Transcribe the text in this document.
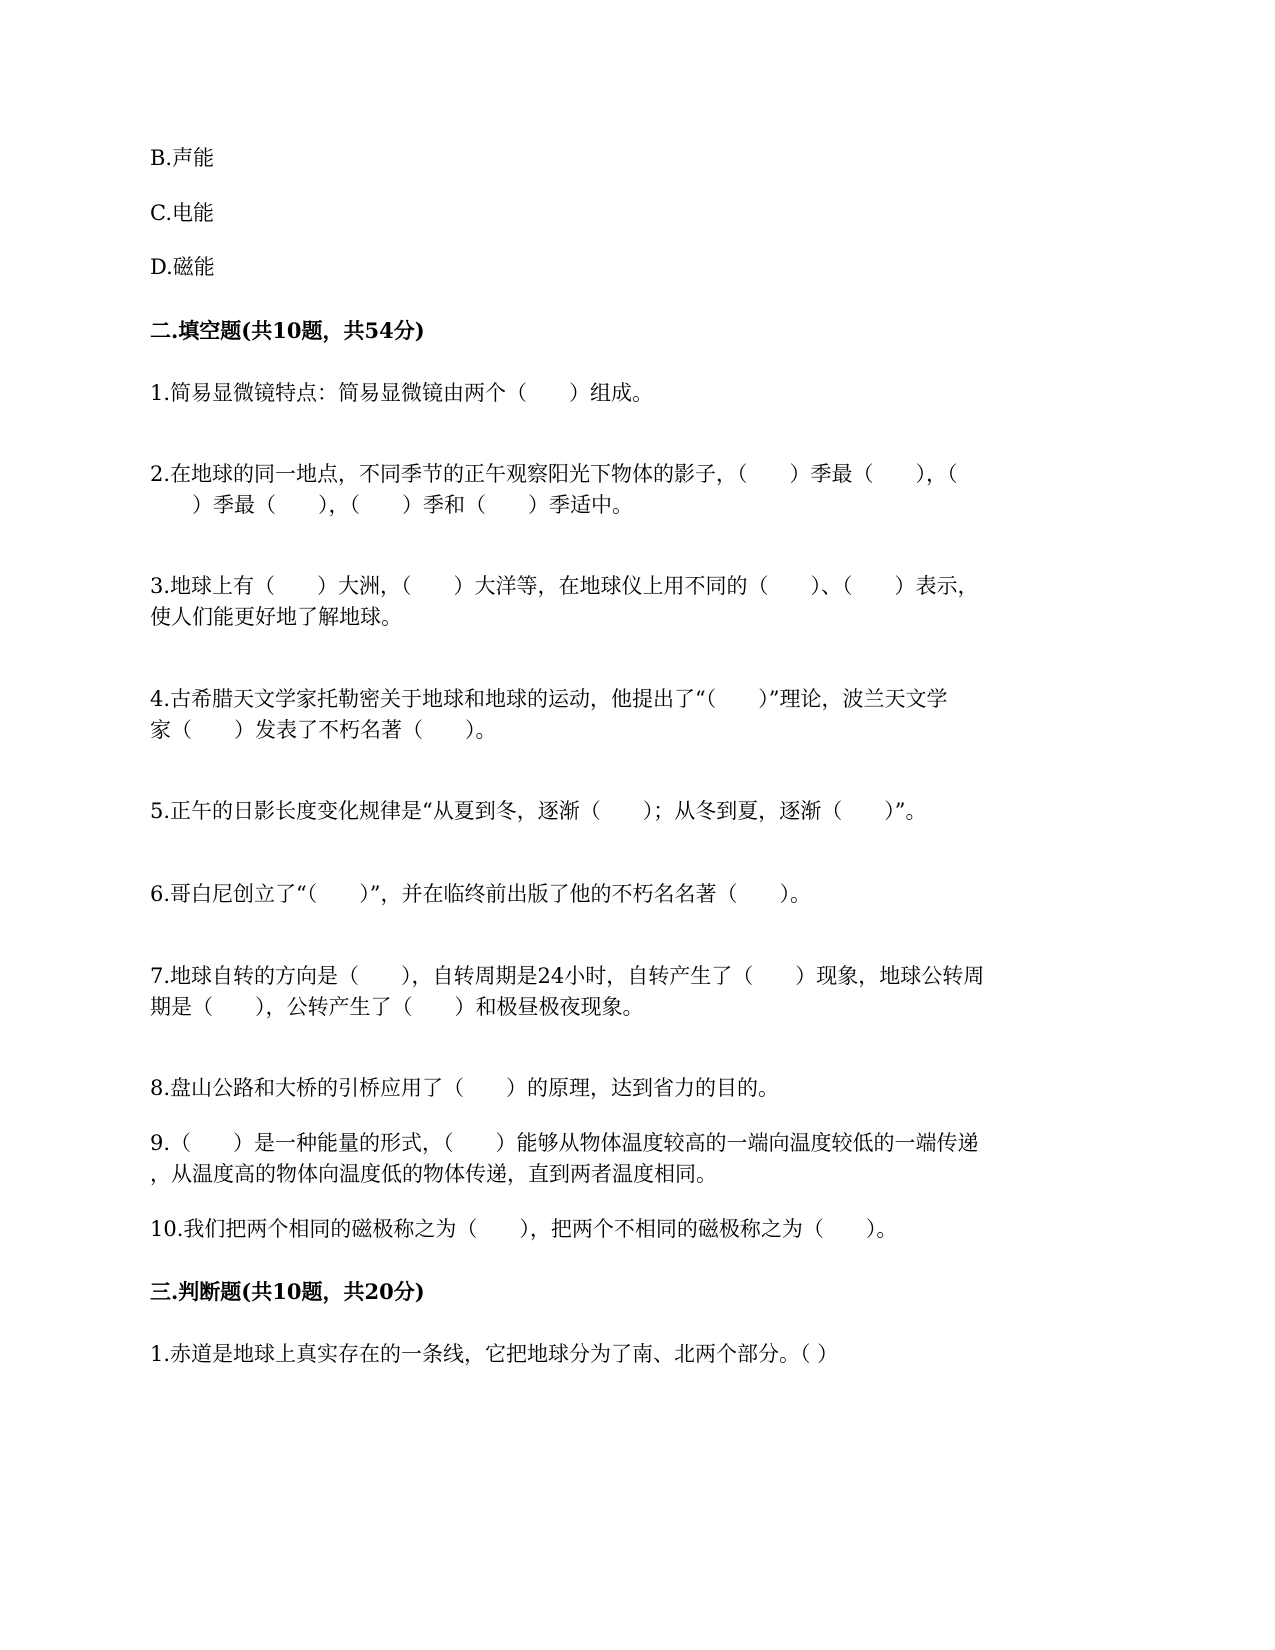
B.声能

C.电能

D.磁能

二.填空题(共10题，共54分)

1.简易显微镜特点：简易显微镜由两个（　　）组成。

2.在地球的同一地点，不同季节的正午观察阳光下物体的影子，（　　）季最（　　），（

　　）季最（　　），（　　）季和（　　）季适中。

3.地球上有（　　）大洲，（　　）大洋等，在地球仪上用不同的（　　）、（　　）表示，

使人们能更好地了解地球。

4.古希腊天文学家托勒密关于地球和地球的运动，他提出了“（　　）”理论，波兰天文学

家（　　）发表了不朽名著（　　）。

5.正午的日影长度变化规律是“从夏到冬，逐渐（　　）；从冬到夏，逐渐（　　）”。

6.哥白尼创立了“（　　）”，并在临终前出版了他的不朽名名著（　　）。

7.地球自转的方向是（　　），自转周期是24小时，自转产生了（　　）现象，地球公转周

期是（　　），公转产生了（　　）和极昼极夜现象。

8.盘山公路和大桥的引桥应用了（　　）的原理，达到省力的目的。

9.（　　）是一种能量的形式，（　　）能够从物体温度较高的一端向温度较低的一端传递

，从温度高的物体向温度低的物体传递，直到两者温度相同。

10.我们把两个相同的磁极称之为（　　），把两个不相同的磁极称之为（　　）。

三.判断题(共10题，共20分)

1.赤道是地球上真实存在的一条线，它把地球分为了南、北两个部分。（ ）
